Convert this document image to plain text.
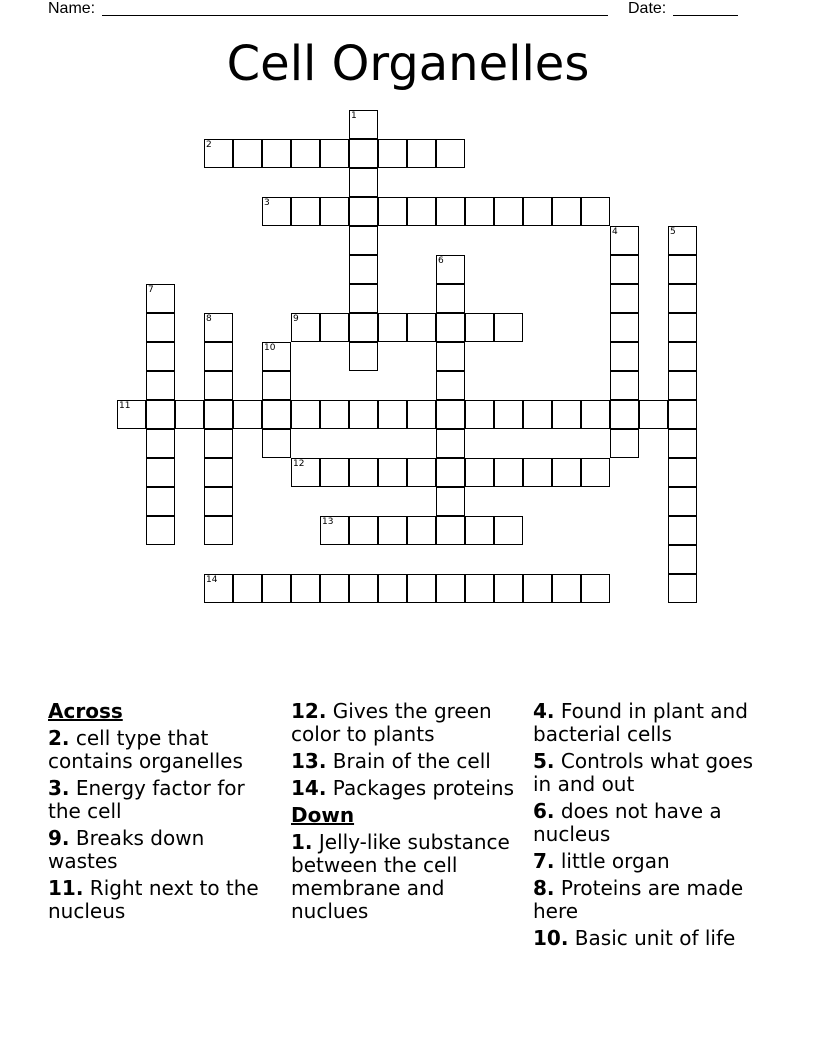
Name:	Date:
Cell Organelles
1
2
3
4	5
6
7
8	9
10
11
12
13
14
Across
2. cell type that contains organelles
3. Energy factor for the cell
9. Breaks down wastes
11. Right next to the nucleus
12. Gives the green color to plants
13. Brain of the cell
14. Packages proteins
Down
1. Jelly-like substance between the cell membrane and nuclues
4. Found in plant and bacterial cells
5. Controls what goes in and out
6. does not have a nucleus
7. little organ
8. Proteins are made here
10. Basic unit of life
